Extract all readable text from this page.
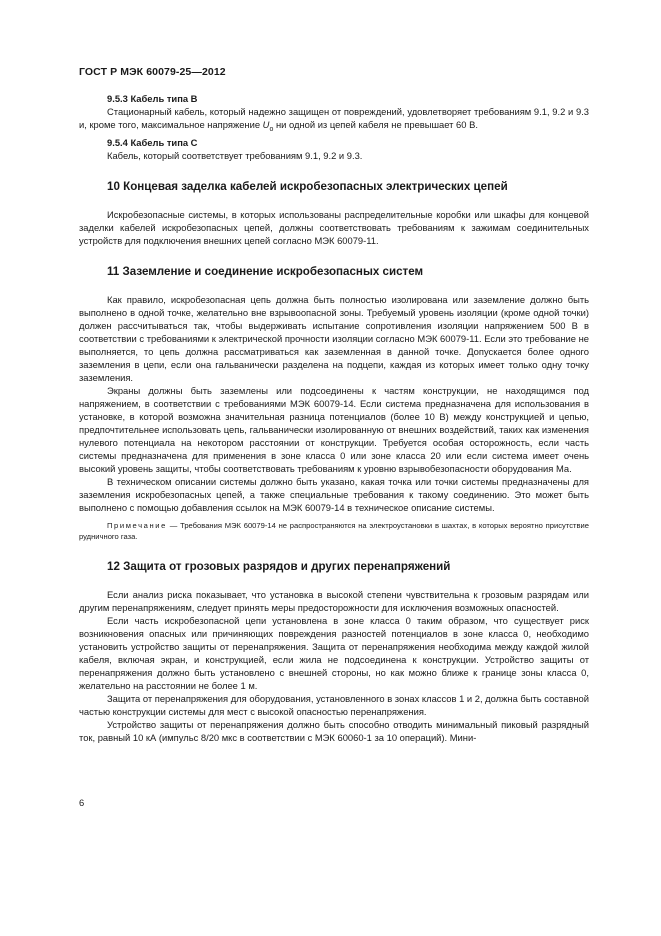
ГОСТ Р МЭК 60079-25—2012
9.5.3 Кабель типа В

Стационарный кабель, который надежно защищен от повреждений, удовлетворяет требованиям 9.1, 9.2 и 9.3 и, кроме того, максимальное напряжение $U_o$ ни одной из цепей кабеля не превышает 60 В.

9.5.4 Кабель типа С

Кабель, который соответствует требованиям 9.1, 9.2 и 9.3.

10 Концевая заделка кабелей искробезопасных электрических цепей

Искробезопасные системы, в которых использованы распределительные коробки или шкафы для концевой заделки кабелей искробезопасных цепей, должны соответствовать требованиям к зажимам соединительных устройств для подключения внешних цепей согласно МЭК 60079-11.

11 Заземление и соединение искробезопасных систем

Как правило, искробезопасная цепь должна быть полностью изолирована или заземление должно быть выполнено в одной точке, желательно вне взрывоопасной зоны. Требуемый уровень изоляции (кроме одной точки) должен рассчитываться так, чтобы выдерживать испытание сопротивления изоляции напряжением 500 В в соответствии с требованиями к электрической прочности изоляции согласно МЭК 60079-11. Если это требование не выполняется, то цепь должна рассматриваться как заземленная в данной точке. Допускается более одного заземления в цепи, если она гальванически разделена на подцепи, каждая из которых имеет только одну точку заземления.

Экраны должны быть заземлены или подсоединены к частям конструкции, не находящимся под напряжением, в соответствии с требованиями МЭК 60079-14. Если система предназначена для использования в установке, в которой возможна значительная разница потенциалов (более 10 В) между конструкцией и цепью, предпочтительнее использовать цепь, гальванически изолированную от внешних воздействий, таких как изменения нулевого потенциала на некотором расстоянии от конструкции. Требуется особая осторожность, если часть системы предназначена для применения в зоне класса 0 или зоне класса 20 или если система имеет очень высокий уровень защиты, чтобы соответствовать требованиям к уровню взрывобезопасности оборудования Ма.

В техническом описании системы должно быть указано, какая точка или точки системы предназначены для заземления искробезопасных цепей, а также специальные требования к такому соединению. Это может быть выполнено с помощью добавления ссылок на МЭК 60079-14 в техническое описание системы.

Примечание — Требования МЭК 60079-14 не распространяются на электроустановки в шахтах, в которых вероятно присутствие рудничного газа.

12 Защита от грозовых разрядов и других перенапряжений

Если анализ риска показывает, что установка в высокой степени чувствительна к грозовым разрядам или другим перенапряжениям, следует принять меры предосторожности для исключения возможных опасностей.

Если часть искробезопасной цепи установлена в зоне класса 0 таким образом, что существует риск возникновения опасных или причиняющих повреждения разностей потенциалов в зоне класса 0, необходимо установить устройство защиты от перенапряжения. Защита от перенапряжения необходима между каждой жилой кабеля, включая экран, и конструкцией, если жила не подсоединена к конструкции. Устройство защиты от перенапряжения должно быть установлено с внешней стороны, но как можно ближе к границе зоны класса 0, желательно на расстоянии не более 1 м.

Защита от перенапряжения для оборудования, установленного в зонах классов 1 и 2, должна быть составной частью конструкции системы для мест с высокой опасностью перенапряжения.

Устройство защиты от перенапряжения должно быть способно отводить минимальный пиковый разрядный ток, равный 10 кА (импульс 8/20 мкс в соответствии с МЭК 60060-1 за 10 операций). Мини-

6
